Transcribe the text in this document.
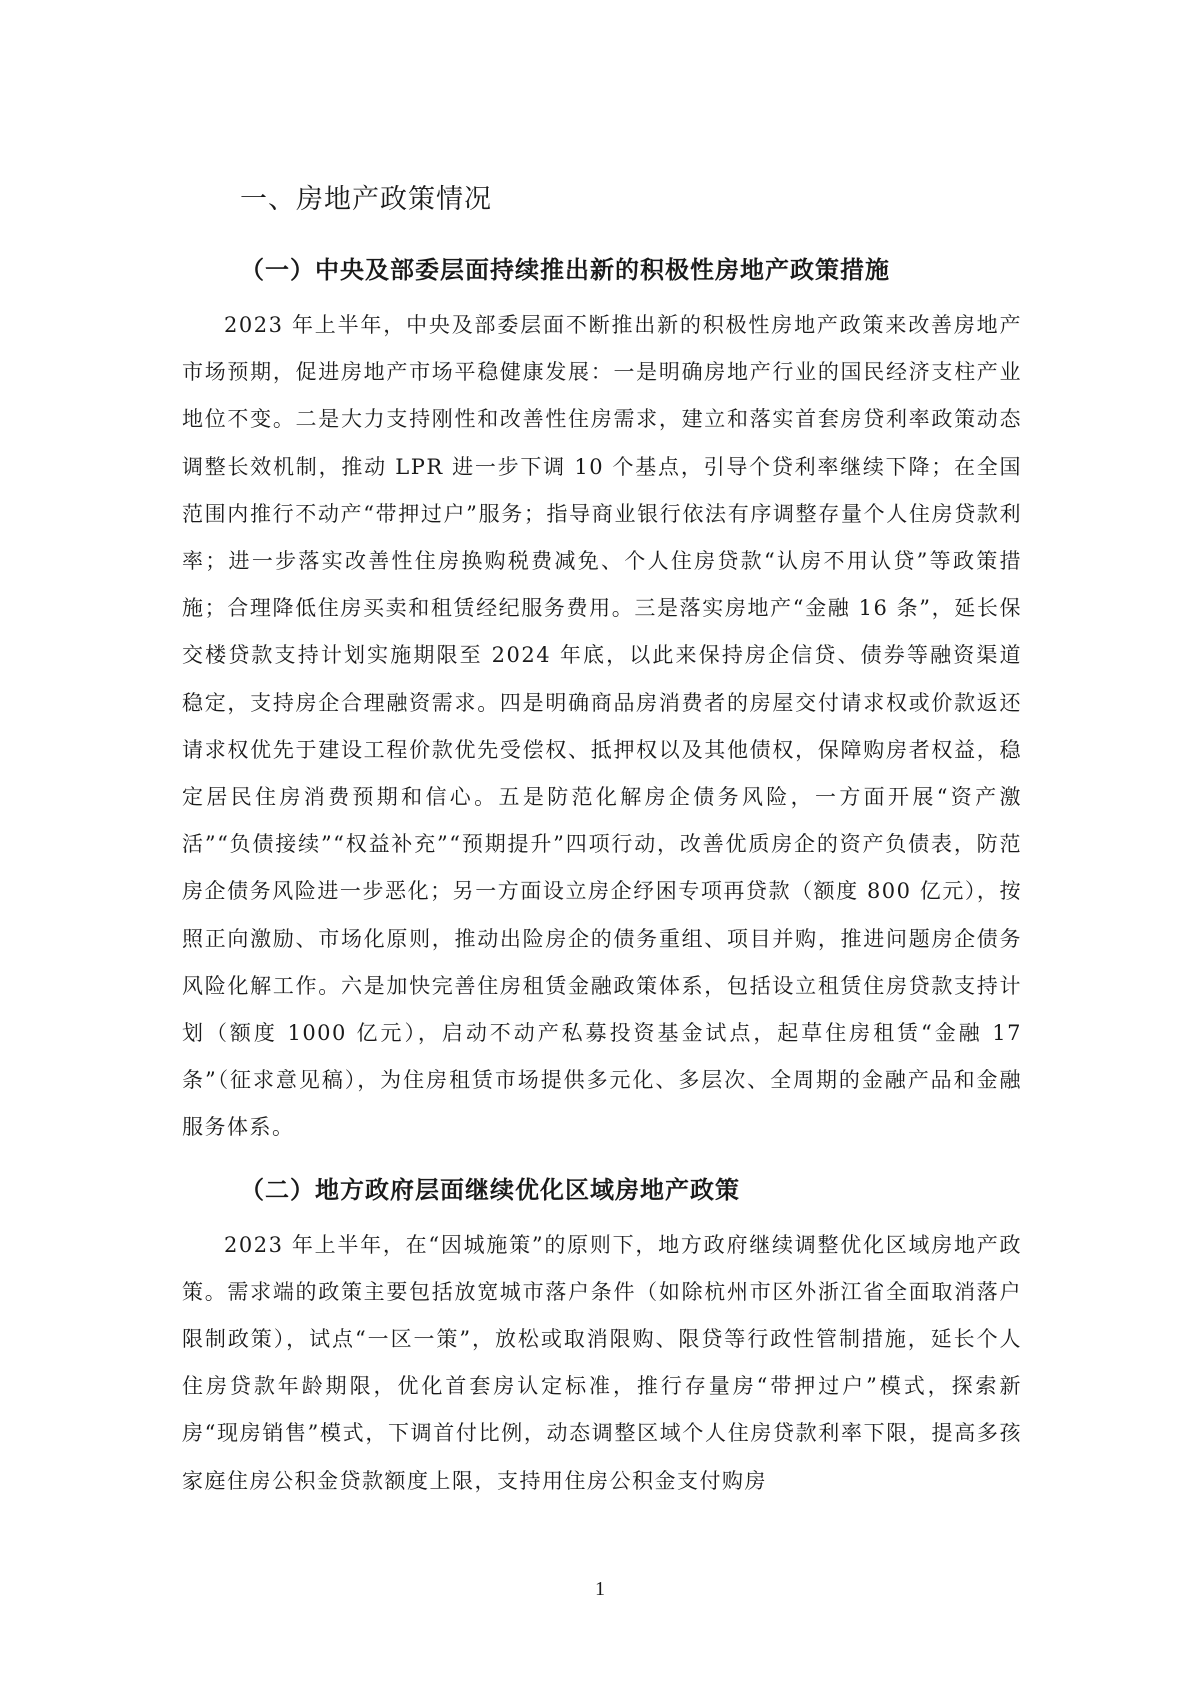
一、房地产政策情况
（一）中央及部委层面持续推出新的积极性房地产政策措施

2023 年上半年，中央及部委层面不断推出新的积极性房地产政策来改善房地产市场预期，促进房地产市场平稳健康发展：一是明确房地产行业的国民经济支柱产业地位不变。二是大力支持刚性和改善性住房需求，建立和落实首套房贷利率政策动态调整长效机制，推动 LPR 进一步下调 10 个基点，引导个贷利率继续下降；在全国范围内推行不动产“带押过户”服务；指导商业银行依法有序调整存量个人住房贷款利率；进一步落实改善性住房换购税费减免、个人住房贷款“认房不用认贷”等政策措施；合理降低住房买卖和租赁经纪服务费用。三是落实房地产“金融 16 条”，延长保交楼贷款支持计划实施期限至 2024 年底，以此来保持房企信贷、债券等融资渠道稳定，支持房企合理融资需求。四是明确商品房消费者的房屋交付请求权或价款返还请求权优先于建设工程价款优先受偿权、抵押权以及其他债权，保障购房者权益，稳定居民住房消费预期和信心。五是防范化解房企债务风险，一方面开展“资产激活”“负债接续”“权益补充”“预期提升”四项行动，改善优质房企的资产负债表，防范房企债务风险进一步恶化；另一方面设立房企纾困专项再贷款（额度 800 亿元），按照正向激励、市场化原则，推动出险房企的债务重组、项目并购，推进问题房企债务风险化解工作。六是加快完善住房租赁金融政策体系，包括设立租赁住房贷款支持计划（额度 1000 亿元），启动不动产私募投资基金试点，起草住房租赁“金融 17 条”（征求意见稿），为住房租赁市场提供多元化、多层次、全周期的金融产品和金融服务体系。

（二）地方政府层面继续优化区域房地产政策

2023 年上半年，在“因城施策”的原则下，地方政府继续调整优化区域房地产政策。需求端的政策主要包括放宽城市落户条件（如除杭州市区外浙江省全面取消落户限制政策），试点“一区一策”，放松或取消限购、限贷等行政性管制措施，延长个人住房贷款年龄期限，优化首套房认定标准，推行存量房“带押过户”模式，探索新房“现房销售”模式，下调首付比例，动态调整区域个人住房贷款利率下限，提高多孩家庭住房公积金贷款额度上限，支持用住房公积金支付购房

1
